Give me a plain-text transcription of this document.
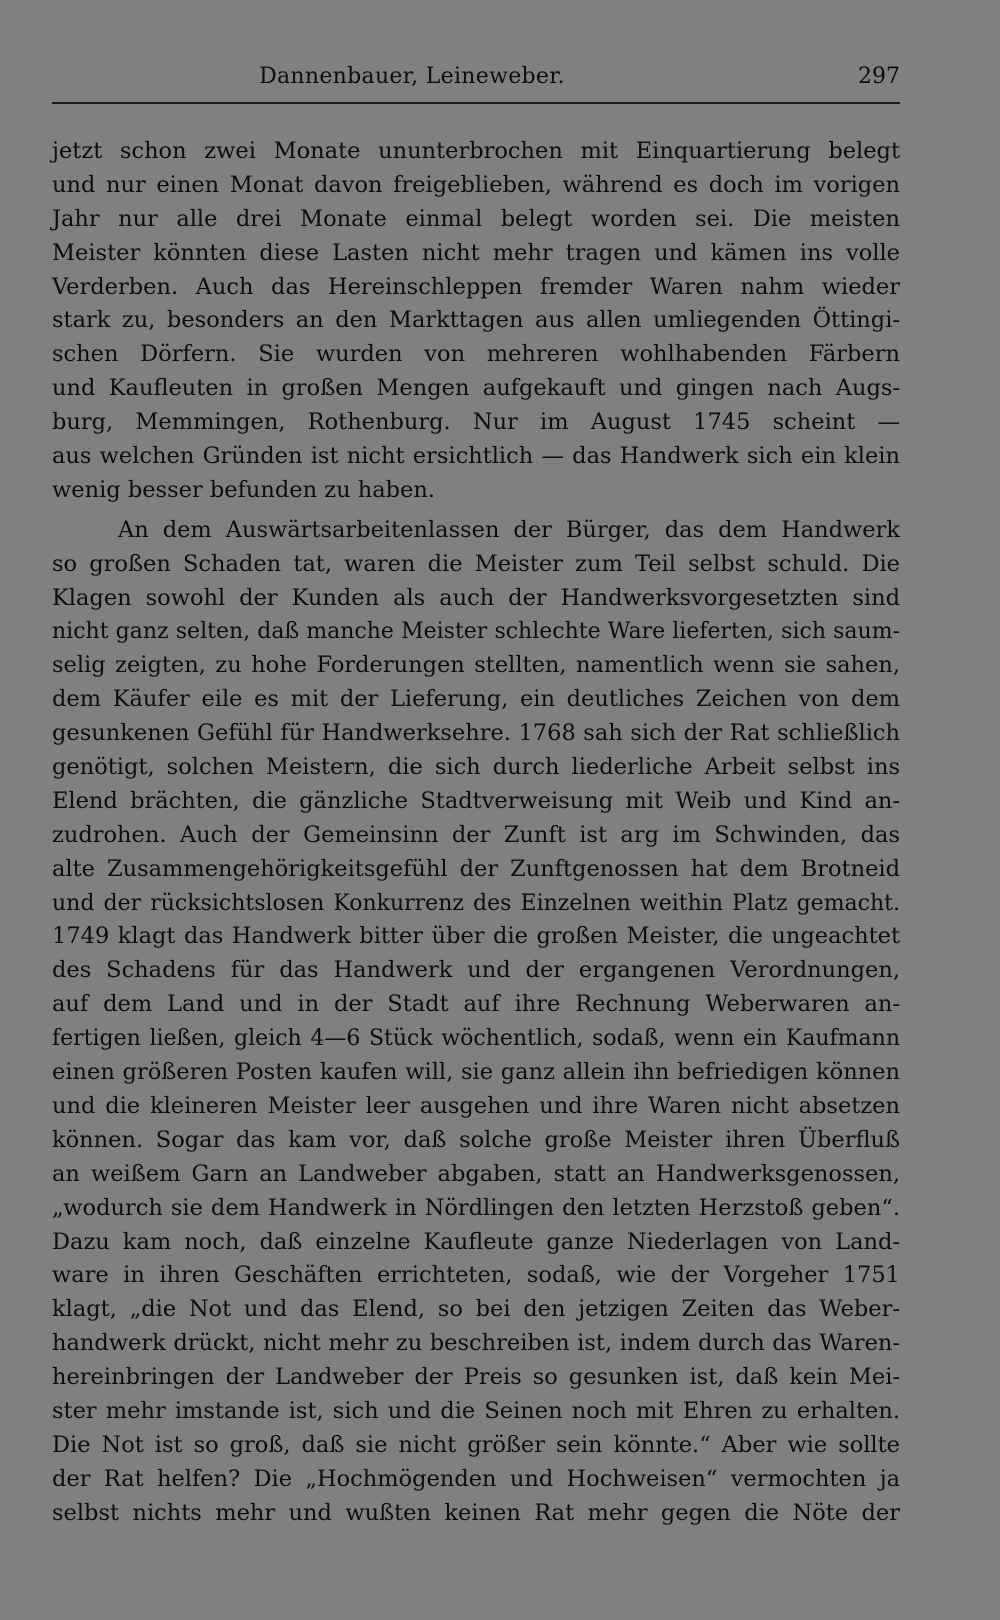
Dannenbauer, Leineweber.	297
jetzt schon zwei Monate ununterbrochen mit Einquartierung belegt
und nur einen Monat davon freigeblieben, während es doch im vorigen
Jahr nur alle drei Monate einmal belegt worden sei. Die meisten
Meister könnten diese Lasten nicht mehr tragen und kämen ins volle
Verderben. Auch das Hereinschleppen fremder Waren nahm wieder
stark zu, besonders an den Markttagen aus allen umliegenden Öttingi-
schen Dörfern. Sie wurden von mehreren wohlhabenden Färbern
und Kaufleuten in großen Mengen aufgekauft und gingen nach Augs-
burg, Memmingen, Rothenburg. Nur im August 1745 scheint —
aus welchen Gründen ist nicht ersichtlich — das Handwerk sich ein klein
wenig besser befunden zu haben.
An dem Auswärtsarbeitenlassen der Bürger, das dem Handwerk
so großen Schaden tat, waren die Meister zum Teil selbst schuld. Die
Klagen sowohl der Kunden als auch der Handwerksvorgesetzten sind
nicht ganz selten, daß manche Meister schlechte Ware lieferten, sich saum-
selig zeigten, zu hohe Forderungen stellten, namentlich wenn sie sahen,
dem Käufer eile es mit der Lieferung, ein deutliches Zeichen von dem
gesunkenen Gefühl für Handwerksehre. 1768 sah sich der Rat schließlich
genötigt, solchen Meistern, die sich durch liederliche Arbeit selbst ins
Elend brächten, die gänzliche Stadtverweisung mit Weib und Kind an-
zudrohen. Auch der Gemeinsinn der Zunft ist arg im Schwinden, das
alte Zusammengehörigkeitsgefühl der Zunftgenossen hat dem Brotneid
und der rücksichtslosen Konkurrenz des Einzelnen weithin Platz gemacht.
1749 klagt das Handwerk bitter über die großen Meister, die ungeachtet
des Schadens für das Handwerk und der ergangenen Verordnungen,
auf dem Land und in der Stadt auf ihre Rechnung Weberwaren an-
fertigen ließen, gleich 4—6 Stück wöchentlich, sodaß, wenn ein Kaufmann
einen größeren Posten kaufen will, sie ganz allein ihn befriedigen können
und die kleineren Meister leer ausgehen und ihre Waren nicht absetzen
können. Sogar das kam vor, daß solche große Meister ihren Überfluß
an weißem Garn an Landweber abgaben, statt an Handwerksgenossen,
„wodurch sie dem Handwerk in Nördlingen den letzten Herzstoß geben“.
Dazu kam noch, daß einzelne Kaufleute ganze Niederlagen von Land-
ware in ihren Geschäften errichteten, sodaß, wie der Vorgeher 1751
klagt, „die Not und das Elend, so bei den jetzigen Zeiten das Weber-
handwerk drückt, nicht mehr zu beschreiben ist, indem durch das Waren-
hereinbringen der Landweber der Preis so gesunken ist, daß kein Mei-
ster mehr imstande ist, sich und die Seinen noch mit Ehren zu erhalten.
Die Not ist so groß, daß sie nicht größer sein könnte.“ Aber wie sollte
der Rat helfen? Die „Hochmögenden und Hochweisen“ vermochten ja
selbst nichts mehr und wußten keinen Rat mehr gegen die Nöte der
